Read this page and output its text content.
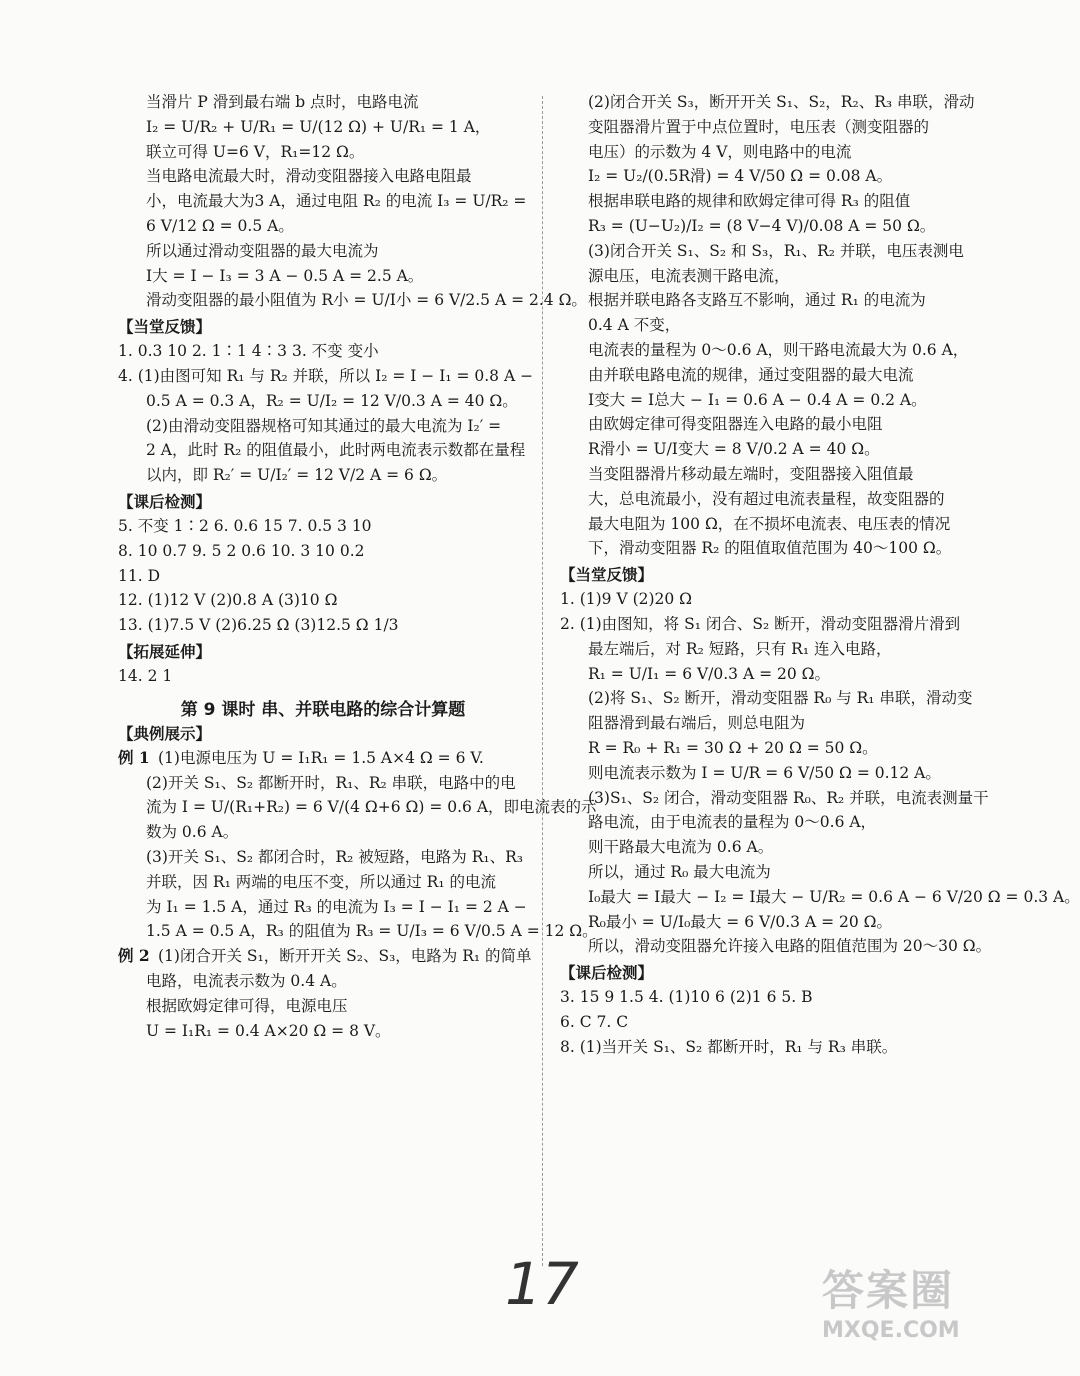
当滑片 P 滑到最右端 b 点时，电路电流
I₂ = U/R₂ + U/R₁ = U/(12 Ω) + U/R₁ = 1 A，
联立可得 U=6 V，R₁=12 Ω。
当电路电流最大时，滑动变阻器接入电路电阻最
小，电流最大为3 A，通过电阻 R₂ 的电流 I₃ = U/R₂ =
6 V/12 Ω = 0.5 A。
所以通过滑动变阻器的最大电流为
I大 = I − I₃ = 3 A − 0.5 A = 2.5 A。
滑动变阻器的最小阻值为 R小 = U/I小 = 6 V/2.5 A = 2.4 Ω。
【当堂反馈】
1. 0.3 10 2. 1∶1 4∶3 3. 不变 变小
4. (1)由图可知 R₁ 与 R₂ 并联，所以 I₂ = I − I₁ = 0.8 A −
0.5 A = 0.3 A，R₂ = U/I₂ = 12 V/0.3 A = 40 Ω。
(2)由滑动变阻器规格可知其通过的最大电流为 I₂′ =
2 A，此时 R₂ 的阻值最小，此时两电流表示数都在量程
以内，即 R₂′ = U/I₂′ = 12 V/2 A = 6 Ω。
【课后检测】
5. 不变 1∶2 6. 0.6 15 7. 0.5 3 10
8. 10 0.7 9. 5 2 0.6 10. 3 10 0.2
11. D
12. (1)12 V (2)0.8 A (3)10 Ω
13. (1)7.5 V (2)6.25 Ω (3)12.5 Ω 1/3
【拓展延伸】
14. 2 1
第 9 课时 串、并联电路的综合计算题
【典例展示】
例 1 (1)电源电压为 U = I₁R₁ = 1.5 A×4 Ω = 6 V.
(2)开关 S₁、S₂ 都断开时，R₁、R₂ 串联，电路中的电
流为 I = U/(R₁+R₂) = 6 V/(4 Ω+6 Ω) = 0.6 A，即电流表的示
数为 0.6 A。
(3)开关 S₁、S₂ 都闭合时，R₂ 被短路，电路为 R₁、R₃
并联，因 R₁ 两端的电压不变，所以通过 R₁ 的电流
为 I₁ = 1.5 A，通过 R₃ 的电流为 I₃ = I − I₁ = 2 A −
1.5 A = 0.5 A，R₃ 的阻值为 R₃ = U/I₃ = 6 V/0.5 A = 12 Ω。
例 2 (1)闭合开关 S₁，断开开关 S₂、S₃，电路为 R₁ 的简单
电路，电流表示数为 0.4 A。
根据欧姆定律可得，电源电压
U = I₁R₁ = 0.4 A×20 Ω = 8 V。
(2)闭合开关 S₃，断开开关 S₁、S₂，R₂、R₃ 串联，滑动
变阻器滑片置于中点位置时，电压表（测变阻器的
电压）的示数为 4 V，则电路中的电流
I₂ = U₂/(0.5R滑) = 4 V/50 Ω = 0.08 A。
根据串联电路的规律和欧姆定律可得 R₃ 的阻值
R₃ = (U−U₂)/I₂ = (8 V−4 V)/0.08 A = 50 Ω。
(3)闭合开关 S₁、S₂ 和 S₃，R₁、R₂ 并联，电压表测电
源电压，电流表测干路电流，
根据并联电路各支路互不影响，通过 R₁ 的电流为
0.4 A 不变，
电流表的量程为 0～0.6 A，则干路电流最大为 0.6 A，
由并联电路电流的规律，通过变阻器的最大电流
I变大 = I总大 − I₁ = 0.6 A − 0.4 A = 0.2 A。
由欧姆定律可得变阻器连入电路的最小电阻
R滑小 = U/I变大 = 8 V/0.2 A = 40 Ω。
当变阻器滑片移动最左端时，变阻器接入阻值最
大，总电流最小，没有超过电流表量程，故变阻器的
最大电阻为 100 Ω，在不损坏电流表、电压表的情况
下，滑动变阻器 R₂ 的阻值取值范围为 40～100 Ω。
【当堂反馈】
1. (1)9 V (2)20 Ω
2. (1)由图知，将 S₁ 闭合、S₂ 断开，滑动变阻器滑片滑到
最左端后，对 R₂ 短路，只有 R₁ 连入电路，
R₁ = U/I₁ = 6 V/0.3 A = 20 Ω。
(2)将 S₁、S₂ 断开，滑动变阻器 R₀ 与 R₁ 串联，滑动变
阻器滑到最右端后，则总电阻为
R = R₀ + R₁ = 30 Ω + 20 Ω = 50 Ω。
则电流表示数为 I = U/R = 6 V/50 Ω = 0.12 A。
(3)S₁、S₂ 闭合，滑动变阻器 R₀、R₂ 并联，电流表测量干
路电流，由于电流表的量程为 0～0.6 A，
则干路最大电流为 0.6 A。
所以，通过 R₀ 最大电流为
I₀最大 = I最大 − I₂ = I最大 − U/R₂ = 0.6 A − 6 V/20 Ω = 0.3 A。
R₀最小 = U/I₀最大 = 6 V/0.3 A = 20 Ω。
所以，滑动变阻器允许接入电路的阻值范围为 20～30 Ω。
【课后检测】
3. 15 9 1.5 4. (1)10 6 (2)1 6 5. B
6. C 7. C
8. (1)当开关 S₁、S₂ 都断开时，R₁ 与 R₃ 串联。
17	答案圈
MXQE.COM
